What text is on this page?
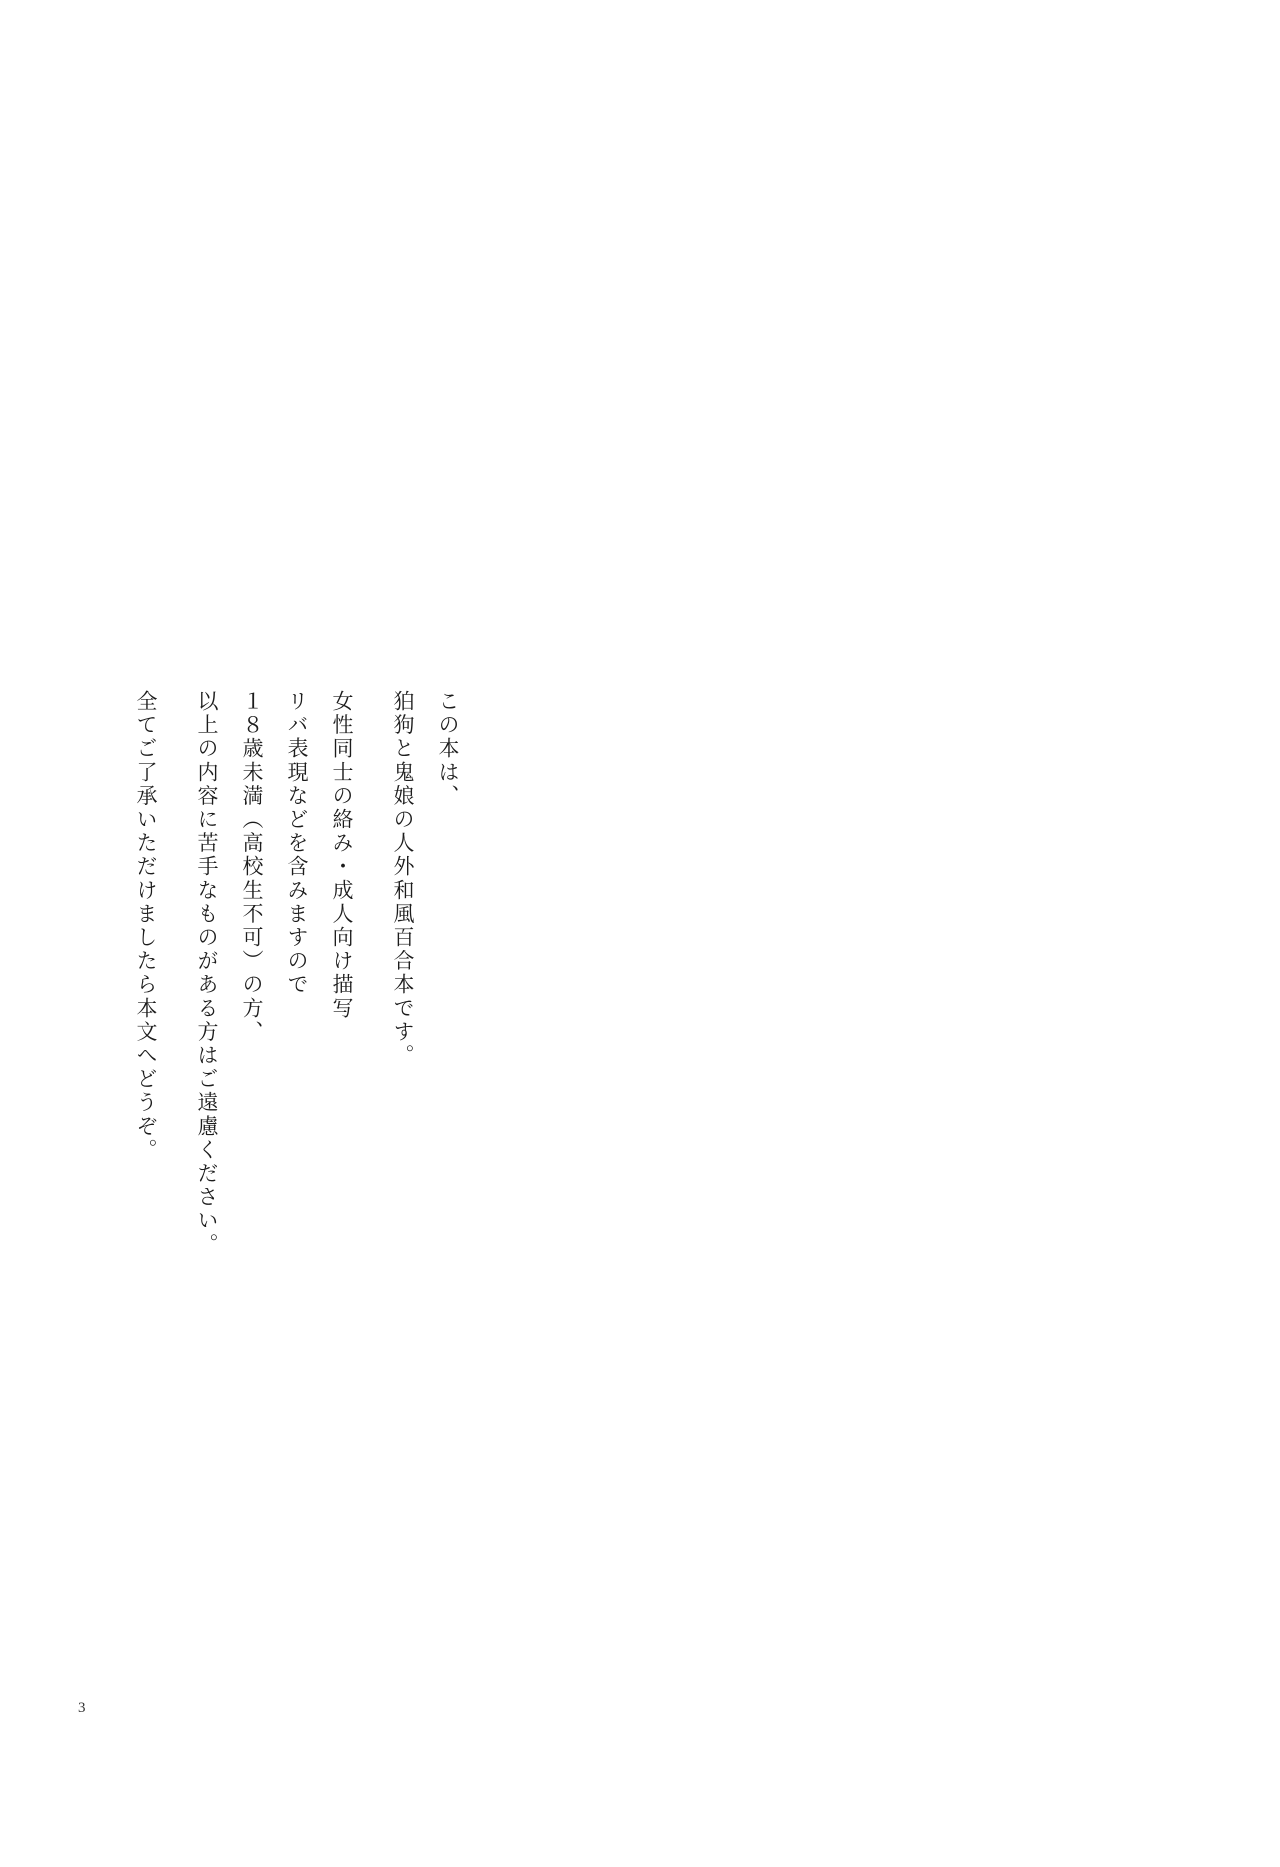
この本は、
狛狗と鬼娘の人外和風百合本です。
女性同士の絡み・成人向け描写
リバ表現などを含みますので
１８歳未満（高校生不可）の方、
以上の内容に苦手なものがある方はご遠慮ください。
全てご了承いただけましたら本文へどうぞ。
3
